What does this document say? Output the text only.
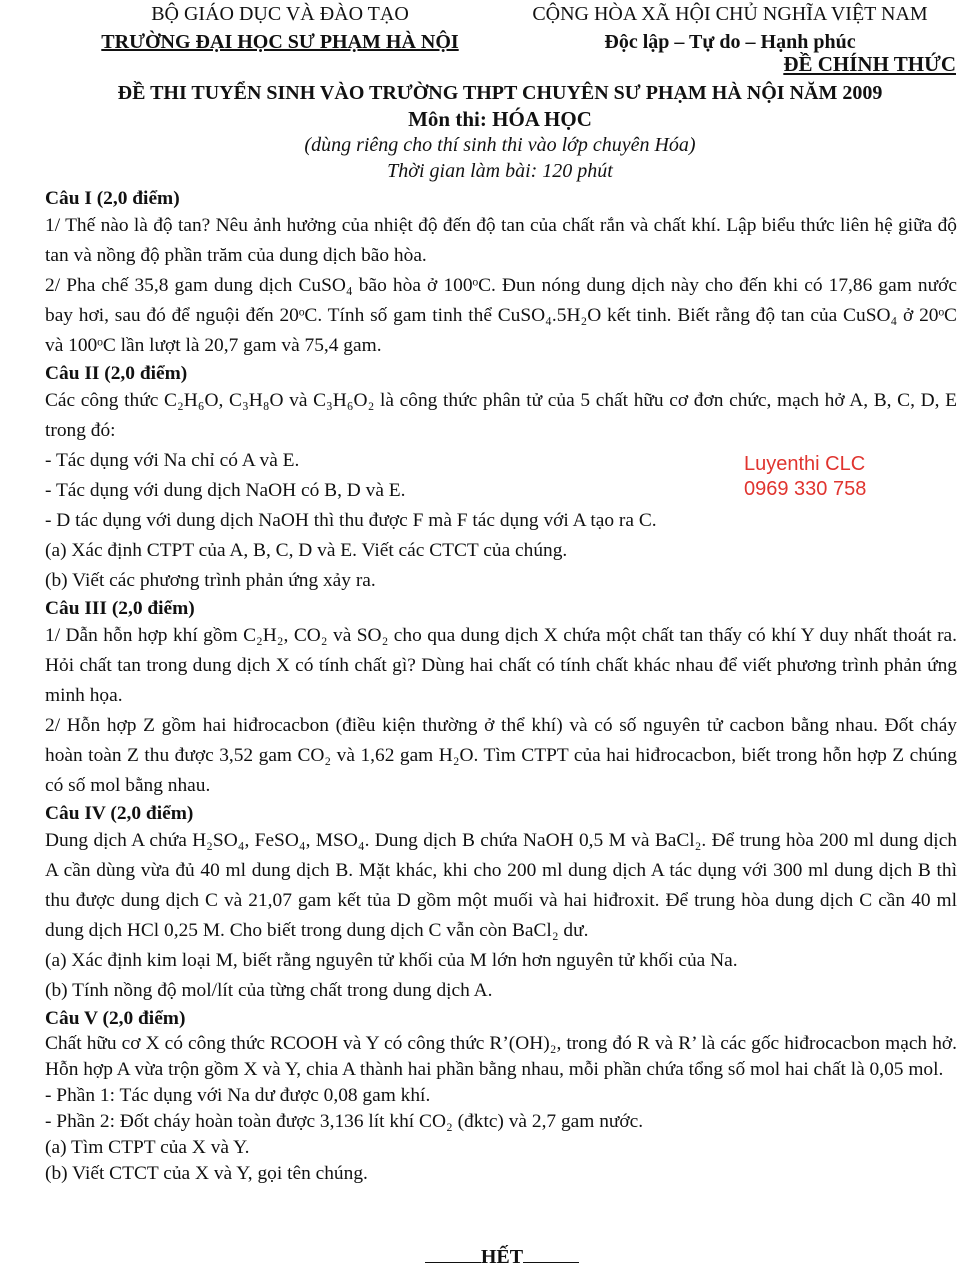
BỘ GIÁO DỤC VÀ ĐÀO TẠO
TRƯỜNG ĐẠI HỌC SƯ PHẠM HÀ NỘI
CỘNG HÒA XÃ HỘI CHỦ NGHĨA VIỆT NAM
Độc lập – Tự do – Hạnh phúc
ĐỀ CHÍNH THỨC
ĐỀ THI TUYỂN SINH VÀO TRƯỜNG THPT CHUYÊN SƯ PHẠM HÀ NỘI NĂM 2009
Môn thi: HÓA HỌC
(dùng riêng cho thí sinh thi vào lớp chuyên Hóa)
Thời gian làm bài: 120 phút
Câu I (2,0 điểm)
1/ Thế nào là độ tan? Nêu ảnh hưởng của nhiệt độ đến độ tan của chất rắn và chất khí. Lập biểu thức liên hệ giữa độ tan và nồng độ phần trăm của dung dịch bão hòa.
2/ Pha chế 35,8 gam dung dịch CuSO₄ bão hòa ở 100ᵒC. Đun nóng dung dịch này cho đến khi có 17,86 gam nước bay hơi, sau đó để nguội đến 20ᵒC. Tính số gam tinh thể CuSO₄.5H₂O kết tinh. Biết rằng độ tan của CuSO₄ ở 20ᵒC và 100ᵒC lần lượt là 20,7 gam và 75,4 gam.
Câu II (2,0 điểm)
Các công thức C₂H₆O, C₃H₈O và C₃H₆O₂ là công thức phân tử của 5 chất hữu cơ đơn chức, mạch hở A, B, C, D, E trong đó:
- Tác dụng với Na chỉ có A và E.
- Tác dụng với dung dịch NaOH có B, D và E.
- D tác dụng với dung dịch NaOH thì thu được F mà F tác dụng với A tạo ra C.
(a) Xác định CTPT của A, B, C, D và E. Viết các CTCT của chúng.
(b) Viết các phương trình phản ứng xảy ra.
Câu III (2,0 điểm)
1/ Dẫn hỗn hợp khí gồm C₂H₂, CO₂ và SO₂ cho qua dung dịch X chứa một chất tan thấy có khí Y duy nhất thoát ra. Hỏi chất tan trong dung dịch X có tính chất gì? Dùng hai chất có tính chất khác nhau để viết phương trình phản ứng minh họa.
2/ Hỗn hợp Z gồm hai hiđrocacbon (điều kiện thường ở thể khí) và có số nguyên tử cacbon bằng nhau. Đốt cháy hoàn toàn Z thu được 3,52 gam CO₂ và 1,62 gam H₂O. Tìm CTPT của hai hiđrocacbon, biết trong hỗn hợp Z chúng có số mol bằng nhau.
Câu IV (2,0 điểm)
Dung dịch A chứa H₂SO₄, FeSO₄, MSO₄. Dung dịch B chứa NaOH 0,5 M và BaCl₂. Để trung hòa 200 ml dung dịch A cần dùng vừa đủ 40 ml dung dịch B. Mặt khác, khi cho 200 ml dung dịch A tác dụng với 300 ml dung dịch B thì thu được dung dịch C và 21,07 gam kết tủa D gồm một muối và hai hiđroxit. Để trung hòa dung dịch C cần 40 ml dung dịch HCl 0,25 M. Cho biết trong dung dịch C vẫn còn BaCl₂ dư.
(a) Xác định kim loại M, biết rằng nguyên tử khối của M lớn hơn nguyên tử khối của Na.
(b) Tính nồng độ mol/lít của từng chất trong dung dịch A.
Câu V (2,0 điểm)
Chất hữu cơ X có công thức RCOOH và Y có công thức R’(OH)₂, trong đó R và R’ là các gốc hiđrocacbon mạch hở. Hỗn hợp A vừa trộn gồm X và Y, chia A thành hai phần bằng nhau, mỗi phần chứa tổng số mol hai chất là 0,05 mol.
- Phần 1: Tác dụng với Na dư được 0,08 gam khí.
- Phần 2: Đốt cháy hoàn toàn được 3,136 lít khí CO₂ (đktc) và 2,7 gam nước.
(a) Tìm CTPT của X và Y.
(b) Viết CTCT của X và Y, gọi tên chúng.
Luyenthi CLC
0969 330 758
HẾT
